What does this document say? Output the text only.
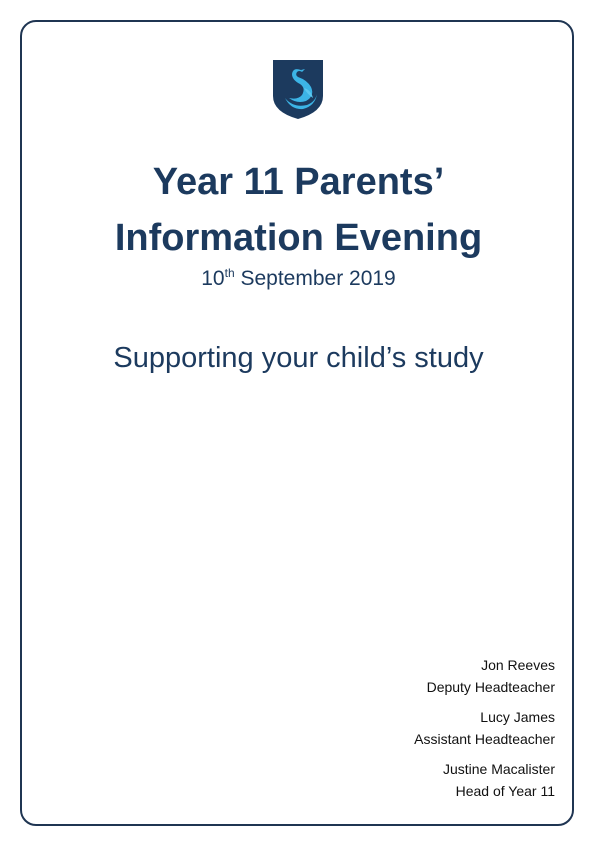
Year 11 Parents’
Information Evening
10th September 2019
Supporting your child’s study
Jon Reeves
Deputy Headteacher
Lucy James
Assistant Headteacher
Justine Macalister
Head of Year 11
